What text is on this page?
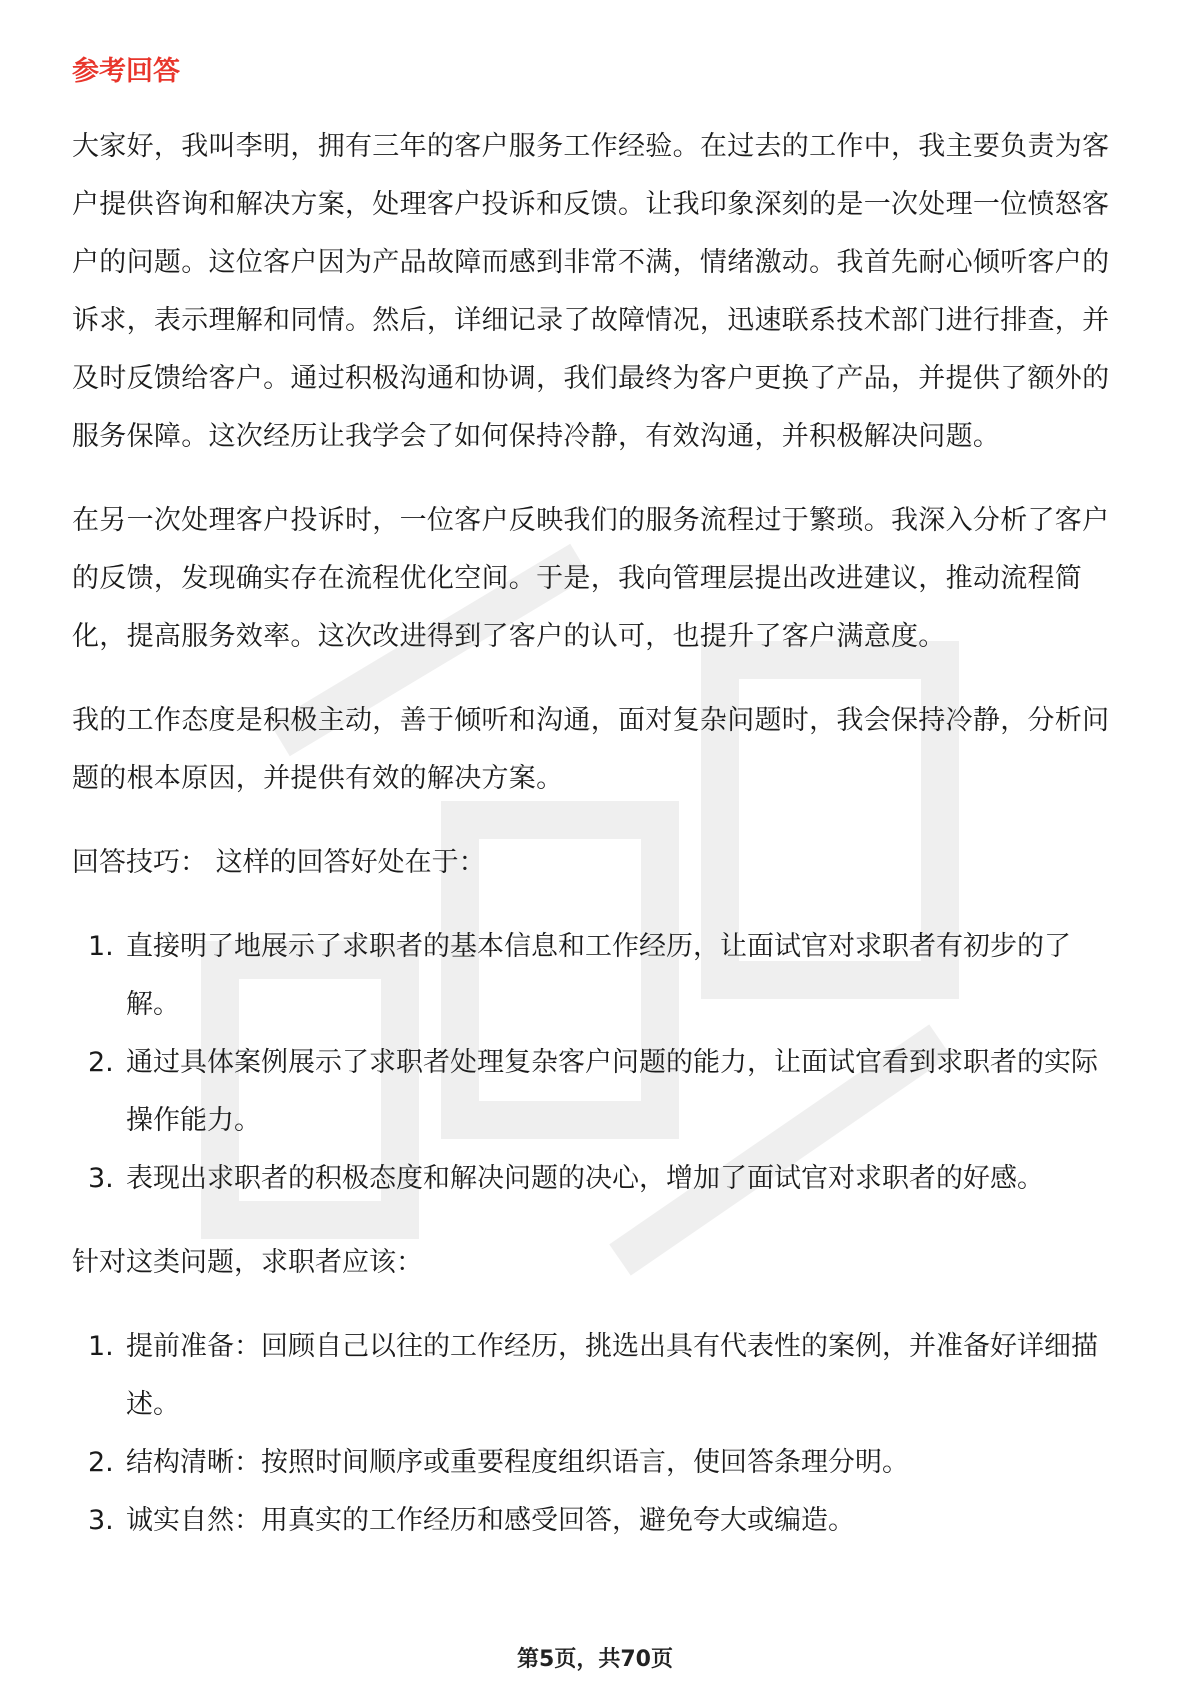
参考回答

大家好，我叫李明，拥有三年的客户服务工作经验。在过去的工作中，我主要负责为客户提供咨询和解决方案，处理客户投诉和反馈。让我印象深刻的是一次处理一位愤怒客户的问题。这位客户因为产品故障而感到非常不满，情绪激动。我首先耐心倾听客户的诉求，表示理解和同情。然后，详细记录了故障情况，迅速联系技术部门进行排查，并及时反馈给客户。通过积极沟通和协调，我们最终为客户更换了产品，并提供了额外的服务保障。这次经历让我学会了如何保持冷静，有效沟通，并积极解决问题。

在另一次处理客户投诉时，一位客户反映我们的服务流程过于繁琐。我深入分析了客户的反馈，发现确实存在流程优化空间。于是，我向管理层提出改进建议，推动流程简化，提高服务效率。这次改进得到了客户的认可，也提升了客户满意度。

我的工作态度是积极主动，善于倾听和沟通，面对复杂问题时，我会保持冷静，分析问题的根本原因，并提供有效的解决方案。

回答技巧： 这样的回答好处在于：

1. 直接明了地展示了求职者的基本信息和工作经历，让面试官对求职者有初步的了解。
2. 通过具体案例展示了求职者处理复杂客户问题的能力，让面试官看到求职者的实际操作能力。
3. 表现出求职者的积极态度和解决问题的决心，增加了面试官对求职者的好感。

针对这类问题，求职者应该：

1. 提前准备：回顾自己以往的工作经历，挑选出具有代表性的案例，并准备好详细描述。
2. 结构清晰：按照时间顺序或重要程度组织语言，使回答条理分明。
3. 诚实自然：用真实的工作经历和感受回答，避免夸大或编造。
第5页，共70页
